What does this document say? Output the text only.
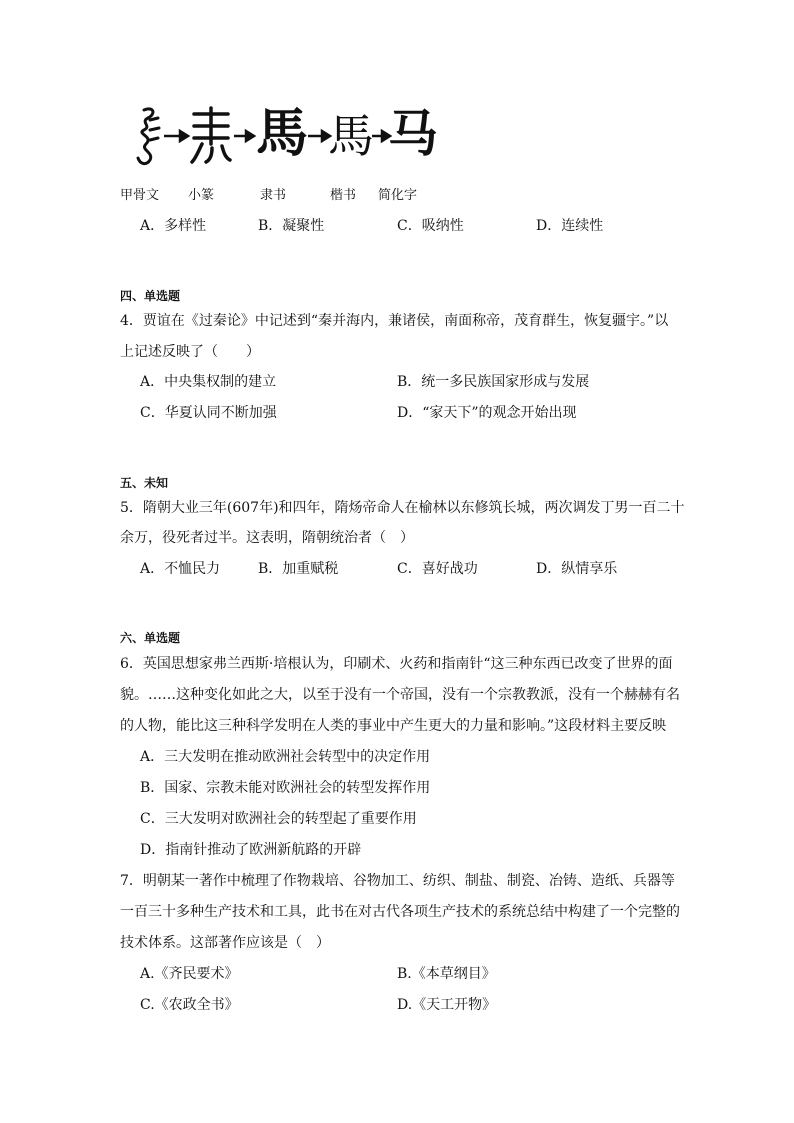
馬 馬 马
甲骨文 小篆	隶书	楷书 简化字
A．多样性	B．凝聚性	C．吸纳性	D．连续性
四、单选题
4．贾谊在《过秦论》中记述到“秦并海内，兼诸侯，南面称帝，茂育群生，恢复疆宇。”以
上记述反映了（　　）
A．中央集权制的建立	B．统一多民族国家形成与发展
C．华夏认同不断加强	D．“家天下”的观念开始出现
五、未知
5．隋朝大业三年(607年)和四年，隋炀帝命人在榆林以东修筑长城，两次调发丁男一百二十
余万，役死者过半。这表明，隋朝统治者（　）
A．不恤民力	B．加重赋税	C．喜好战功	D．纵情享乐
六、单选题
6．英国思想家弗兰西斯·培根认为，印刷术、火药和指南针“这三种东西已改变了世界的面
貌。……这种变化如此之大，以至于没有一个帝国，没有一个宗教教派，没有一个赫赫有名
的人物，能比这三种科学发明在人类的事业中产生更大的力量和影响。”这段材料主要反映
A．三大发明在推动欧洲社会转型中的决定作用
B．国家、宗教未能对欧洲社会的转型发挥作用
C．三大发明对欧洲社会的转型起了重要作用
D．指南针推动了欧洲新航路的开辟
7．明朝某一著作中梳理了作物栽培、谷物加工、纺织、制盐、制瓷、冶铸、造纸、兵器等
一百三十多种生产技术和工具，此书在对古代各项生产技术的系统总结中构建了一个完整的
技术体系。这部著作应该是（　）
A.《齐民要术》	B.《本草纲目》
C.《农政全书》	D.《天工开物》
